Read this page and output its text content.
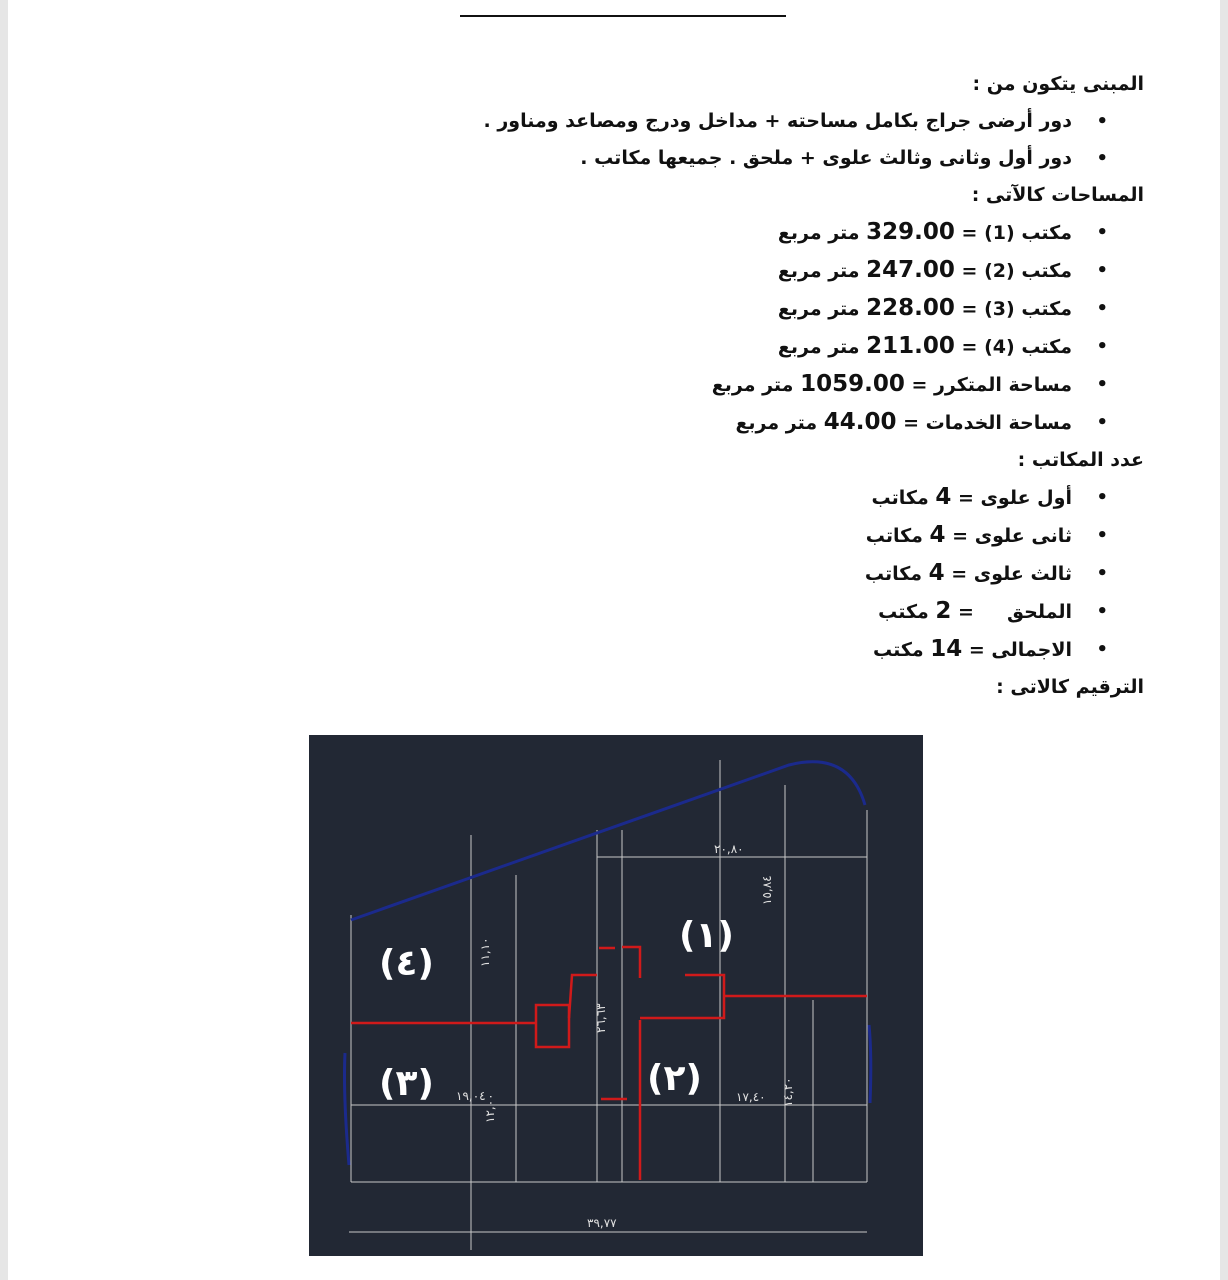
المبنى يتكون من :

• دور أرضى جراج بكامل مساحته + مداخل ودرج ومصاعد ومناور .
• دور أول وثانى وثالث علوى + ملحق . جميعها مكاتب .

المساحات كالآتى :

• مكتب (1) = 329.00 متر مربع
• مكتب (2) = 247.00 متر مربع
• مكتب (3) = 228.00 متر مربع
• مكتب (4) = 211.00 متر مربع
• مساحة المتكرر = 1059.00 متر مربع
• مساحة الخدمات = 44.00 متر مربع

عدد المكاتب :

• أول علوى = 4 مكاتب
• ثانى علوى = 4 مكاتب
• ثالث علوى = 4 مكاتب
• الملحق     = 2 مكتب
• الاجمالى = 14 مكتب

الترقيم كالاتى :

(٤)
(١)
(٣)	(٢)
٢٠,٨٠
١٥,٨٤
١١,١٠
٢٦,٦٣
١٩,٠٤
١٢,٠٠	١٧,٤٠ ١٤,٢٠
٣٩,٧٧
